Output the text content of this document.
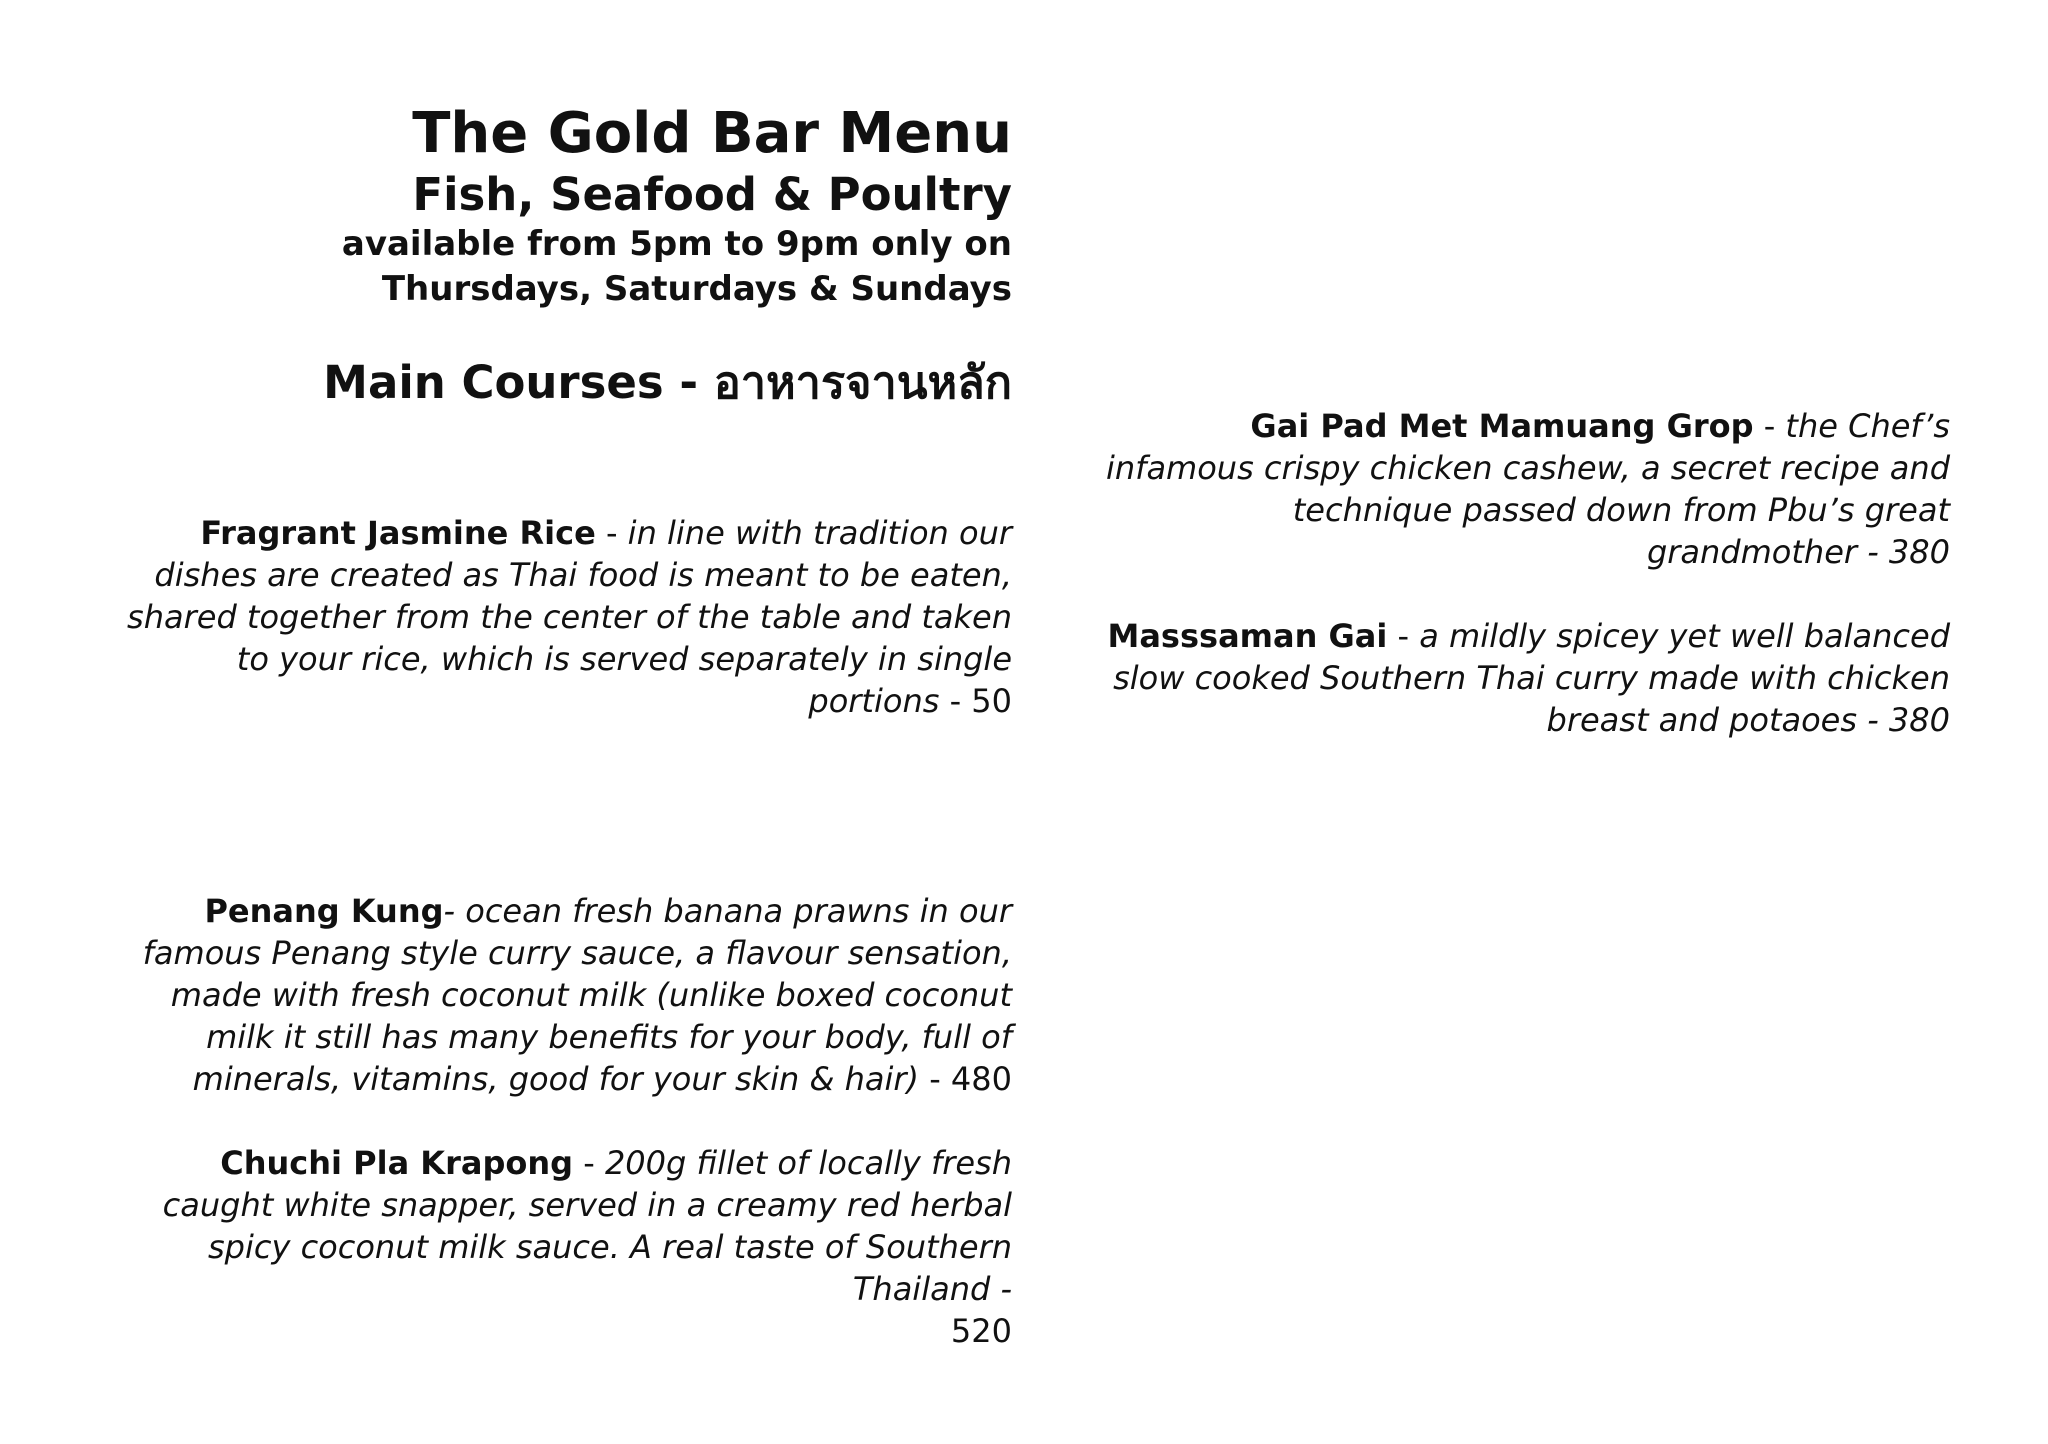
The Gold Bar Menu
Fish, Seafood & Poultry

available from 5pm to 9pm only on

Thursdays, Saturdays & Sundays

Main Courses - อาหารจานหลัก

Fragrant Jasmine Rice - in line with tradition our dishes are created as Thai food is meant to be eaten, shared together from the center of the table and taken to your rice, which is served separately in single portions - 50

Penang Kung- ocean fresh banana prawns in our famous Penang style curry sauce, a flavour sensation, made with fresh coconut milk (unlike boxed coconut milk it still has many benefits for your body, full of minerals, vitamins, good for your skin & hair) - 480

Chuchi Pla Krapong - 200g fillet of locally fresh caught white snapper, served in a creamy red herbal spicy coconut milk sauce. A real taste of Southern Thailand -
520

Gai Pad Met Mamuang Grop - the Chef’s infamous crispy chicken cashew, a secret recipe and technique passed down from Pbu’s great grandmother - 380

Masssaman Gai - a mildly spicey yet well balanced slow cooked Southern Thai curry made with chicken breast and potaoes - 380
